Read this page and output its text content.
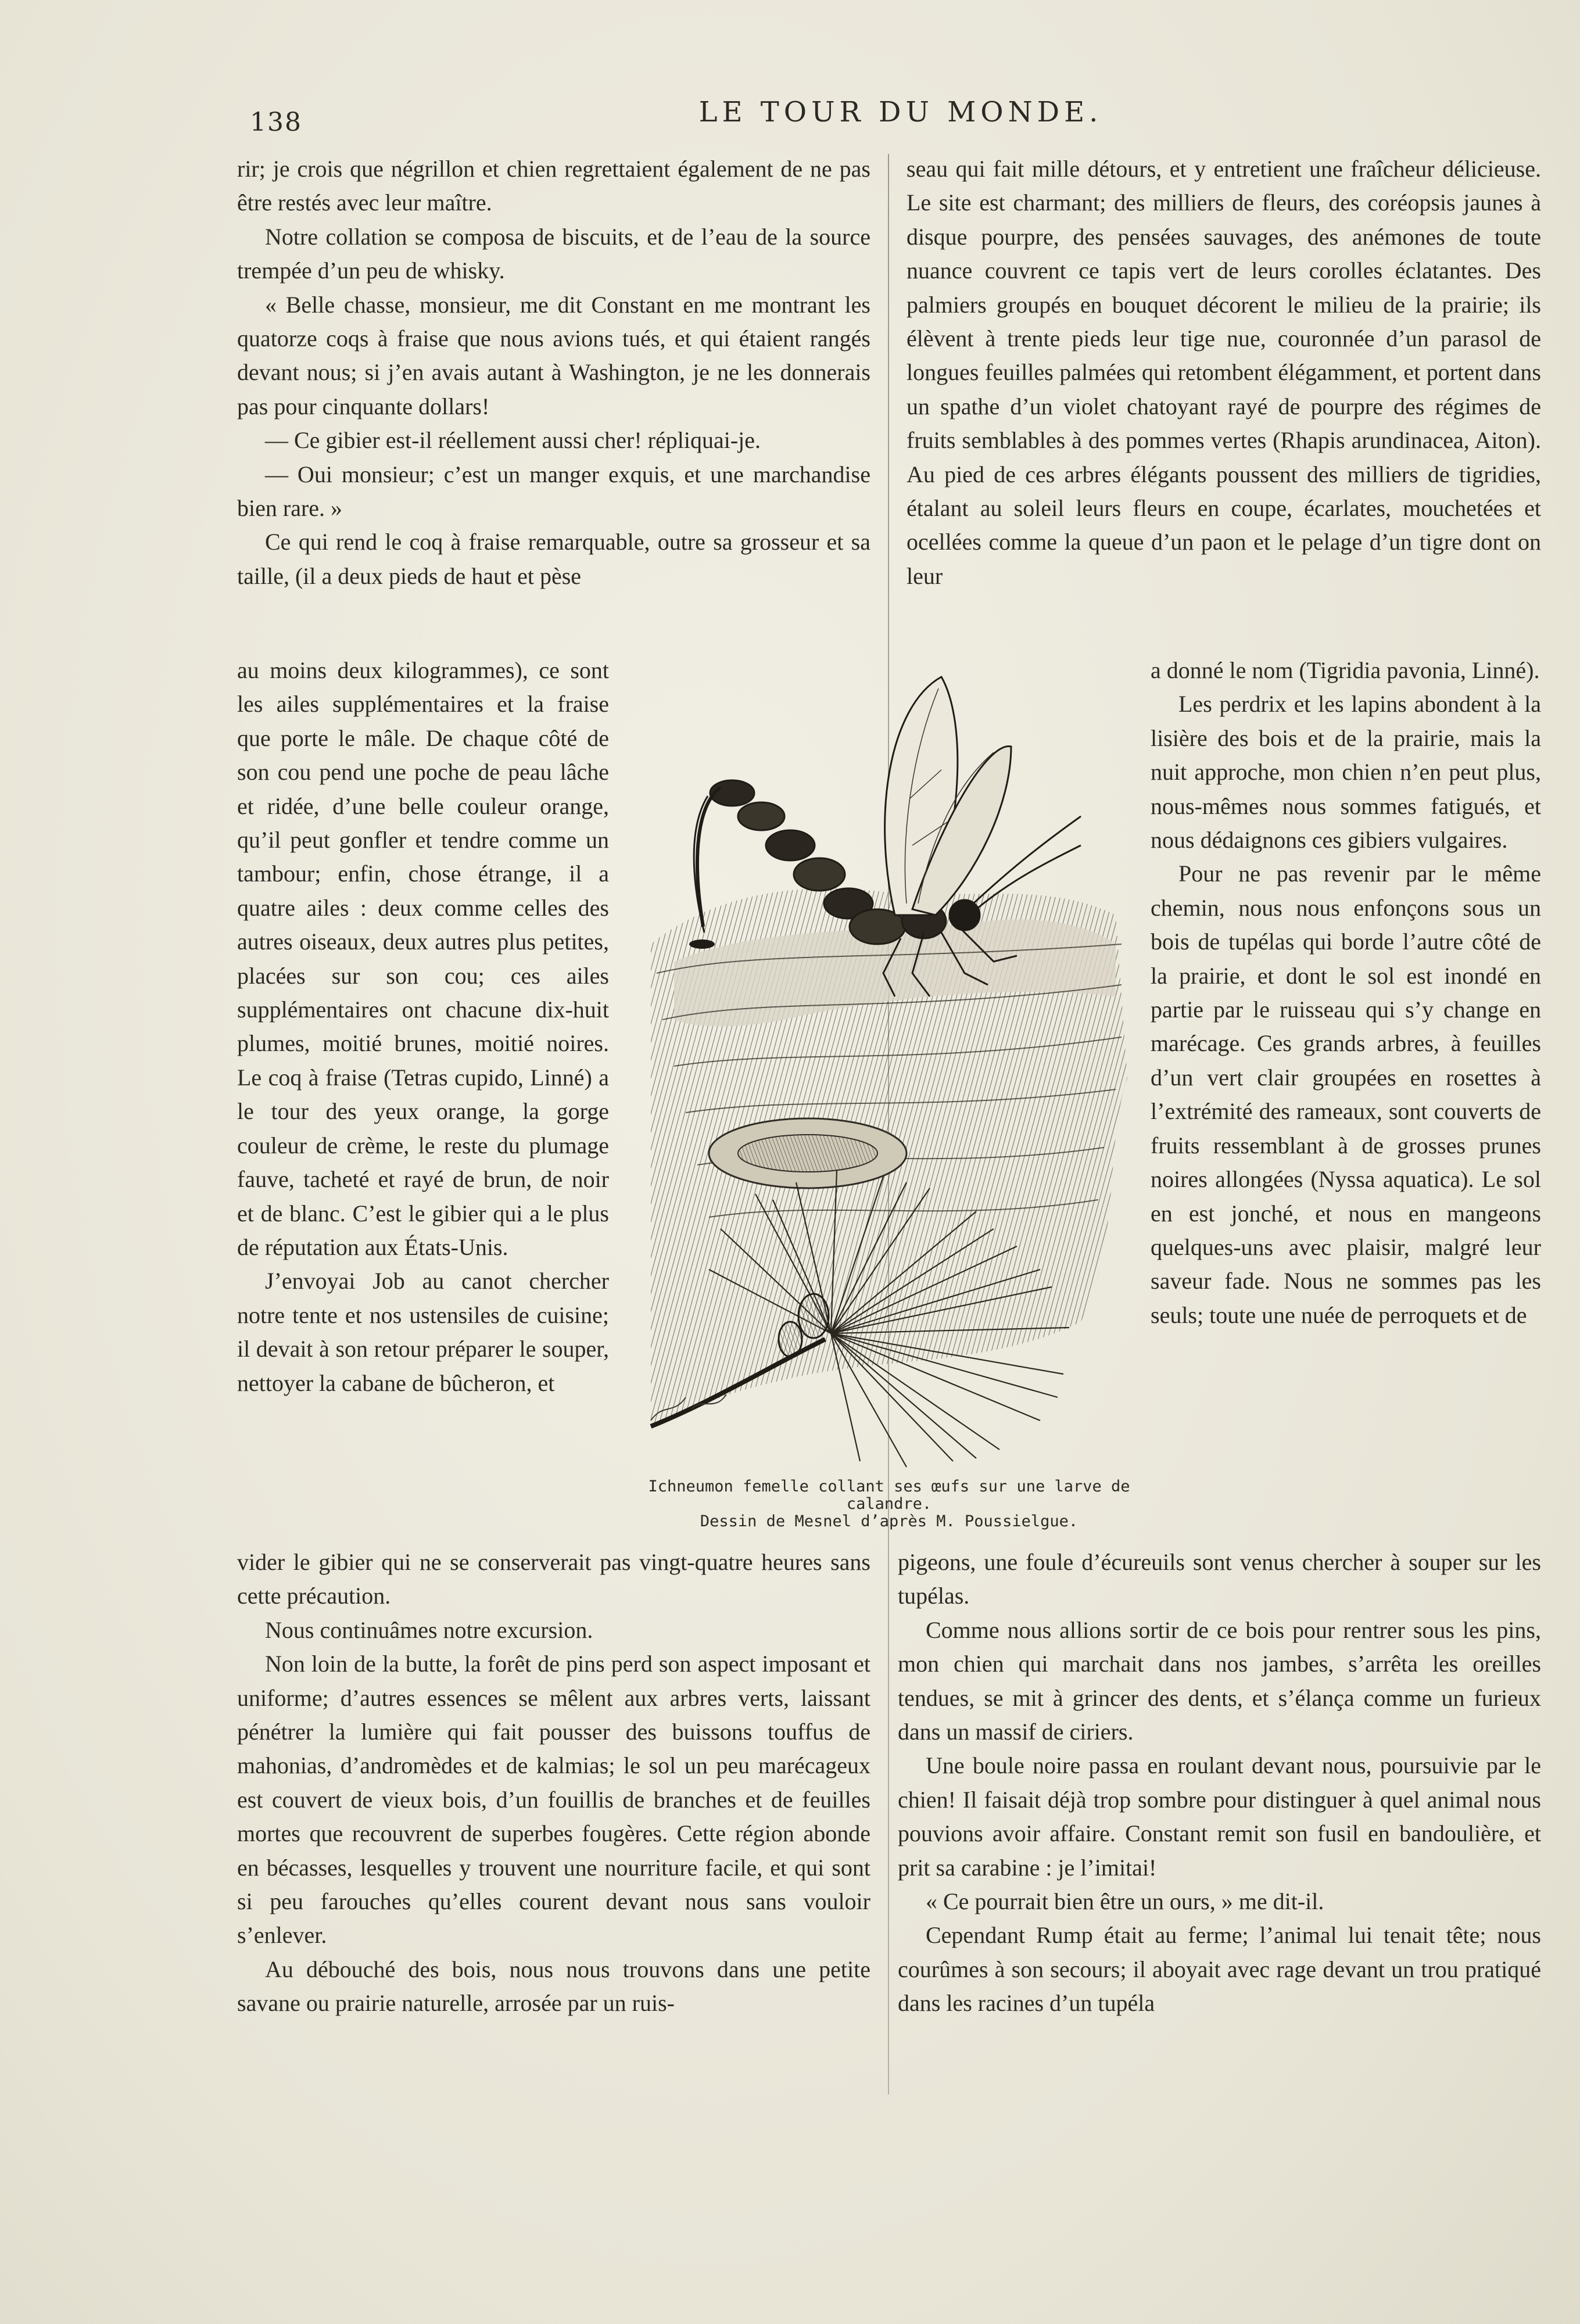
138	LE TOUR DU MONDE.

rir; je crois que négrillon et chien regrettaient également de ne pas être restés avec leur maître.

Notre collation se composa de biscuits, et de l’eau de la source trempée d’un peu de whisky.

« Belle chasse, monsieur, me dit Constant en me montrant les quatorze coqs à fraise que nous avions tués, et qui étaient rangés devant nous; si j’en avais autant à Washington, je ne les donnerais pas pour cinquante dollars!

— Ce gibier est-il réellement aussi cher! répliquai-je.

— Oui monsieur; c’est un manger exquis, et une marchandise bien rare. »

Ce qui rend le coq à fraise remarquable, outre sa grosseur et sa taille, (il a deux pieds de haut et pèse

au moins deux kilogrammes), ce sont les ailes supplémentaires et la fraise que porte le mâle. De chaque côté de son cou pend une poche de peau lâche et ridée, d’une belle couleur orange, qu’il peut gonfler et tendre comme un tambour; enfin, chose étrange, il a quatre ailes : deux comme celles des autres oiseaux, deux autres plus petites, placées sur son cou; ces ailes supplémentaires ont chacune dix-huit plumes, moitié brunes, moitié noires. Le coq à fraise (Tetras cupido, Linné) a le tour des yeux orange, la gorge couleur de crème, le reste du plumage fauve, tacheté et rayé de brun, de noir et de blanc. C’est le gibier qui a le plus de réputation aux États-Unis.

J’envoyai Job au canot chercher notre tente et nos ustensiles de cuisine; il devait à son retour préparer le souper, nettoyer la cabane de bûcheron, et

seau qui fait mille détours, et y entretient une fraîcheur délicieuse. Le site est charmant; des milliers de fleurs, des coréopsis jaunes à disque pourpre, des pensées sauvages, des anémones de toute nuance couvrent ce tapis vert de leurs corolles éclatantes. Des palmiers groupés en bouquet décorent le milieu de la prairie; ils élèvent à trente pieds leur tige nue, couronnée d’un parasol de longues feuilles palmées qui retombent élégamment, et portent dans un spathe d’un violet chatoyant rayé de pourpre des régimes de fruits semblables à des pommes vertes (Rhapis arundinacea, Aiton). Au pied de ces arbres élégants poussent des milliers de tigridies, étalant au soleil leurs fleurs en coupe, écarlates, mouchetées et ocellées comme la queue d’un paon et le pelage d’un tigre dont on leur

a donné le nom (Tigridia pavonia, Linné).

Les perdrix et les lapins abondent à la lisière des bois et de la prairie, mais la nuit approche, mon chien n’en peut plus, nous-mêmes nous sommes fatigués, et nous dédaignons ces gibiers vulgaires.

Pour ne pas revenir par le même chemin, nous nous enfonçons sous un bois de tupélas qui borde l’autre côté de la prairie, et dont le sol est inondé en partie par le ruisseau qui s’y change en marécage. Ces grands arbres, à feuilles d’un vert clair groupées en rosettes à l’extrémité des rameaux, sont couverts de fruits ressemblant à de grosses prunes noires allongées (Nyssa aquatica). Le sol en est jonché, et nous en mangeons quelques-uns avec plaisir, malgré leur saveur fade. Nous ne sommes pas les seuls; toute une nuée de perroquets et de

Ichneumon femelle collant ses œufs sur une larve de
calandre.
Dessin de Mesnel d’après M. Poussielgue.

vider le gibier qui ne se conserverait pas vingt-quatre heures sans cette précaution.

Nous continuâmes notre excursion.

Non loin de la butte, la forêt de pins perd son aspect imposant et uniforme; d’autres essences se mêlent aux arbres verts, laissant pénétrer la lumière qui fait pousser des buissons touffus de mahonias, d’andromèdes et de kalmias; le sol un peu marécageux est couvert de vieux bois, d’un fouillis de branches et de feuilles mortes que recouvrent de superbes fougères. Cette région abonde en bécasses, lesquelles y trouvent une nourriture facile, et qui sont si peu farouches qu’elles courent devant nous sans vouloir s’enlever.

Au débouché des bois, nous nous trouvons dans une petite savane ou prairie naturelle, arrosée par un ruis-

pigeons, une foule d’écureuils sont venus chercher à souper sur les tupélas.

Comme nous allions sortir de ce bois pour rentrer sous les pins, mon chien qui marchait dans nos jambes, s’arrêta les oreilles tendues, se mit à grincer des dents, et s’élança comme un furieux dans un massif de ciriers.

Une boule noire passa en roulant devant nous, poursuivie par le chien! Il faisait déjà trop sombre pour distinguer à quel animal nous pouvions avoir affaire. Constant remit son fusil en bandoulière, et prit sa carabine : je l’imitai!

« Ce pourrait bien être un ours, » me dit-il.

Cependant Rump était au ferme; l’animal lui tenait tête; nous courûmes à son secours; il aboyait avec rage devant un trou pratiqué dans les racines d’un tupéla
